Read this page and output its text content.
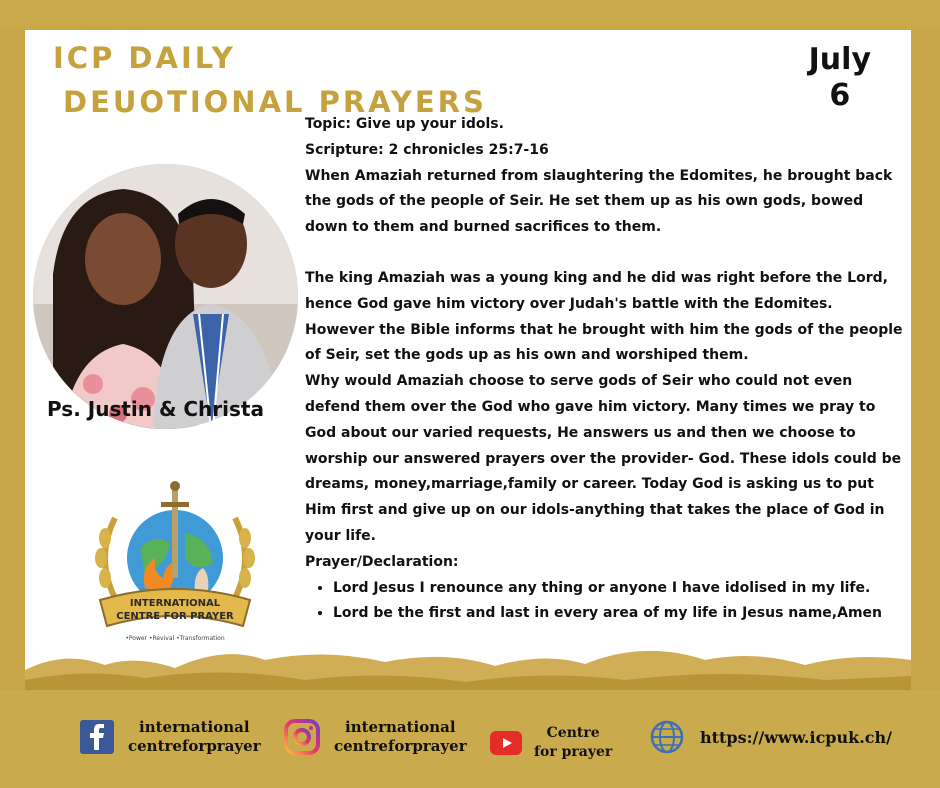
ICP DAILY
DEUOTIONAL PRAYERS
July
6
Ps. Justin & Christa
INTERNATIONAL
CENTRE FOR PRAYER
•Power •Revival •Transformation

Topic: Give up your idols.

Scripture: 2 chronicles 25:7-16

When Amaziah returned from slaughtering the Edomites, he brought back the gods of the people of Seir. He set them up as his own gods, bowed down to them and burned sacrifices to them.

The king Amaziah was a young king and he did was right before the Lord, hence God gave him victory over Judah's battle with the Edomites.

However the Bible informs that he brought with him the gods of the people of Seir, set the gods up as his own and worshiped them.

Why would Amaziah choose to serve gods of Seir who could not even defend them over the God who gave him victory. Many times we pray to God about our varied requests, He answers us and then we choose to worship our answered prayers over the provider- God. These idols could be dreams, money,marriage,family or career. Today God is asking us to put Him first and give up on our idols-anything that takes the place of God in your life.

Prayer/Declaration:

• Lord Jesus I renounce any thing or anyone I have idolised in my life.
• Lord be the first and last in every area of my life in Jesus name,Amen
international
centreforprayer
international
centreforprayer
Centre
for prayer
https://www.icpuk.ch/
